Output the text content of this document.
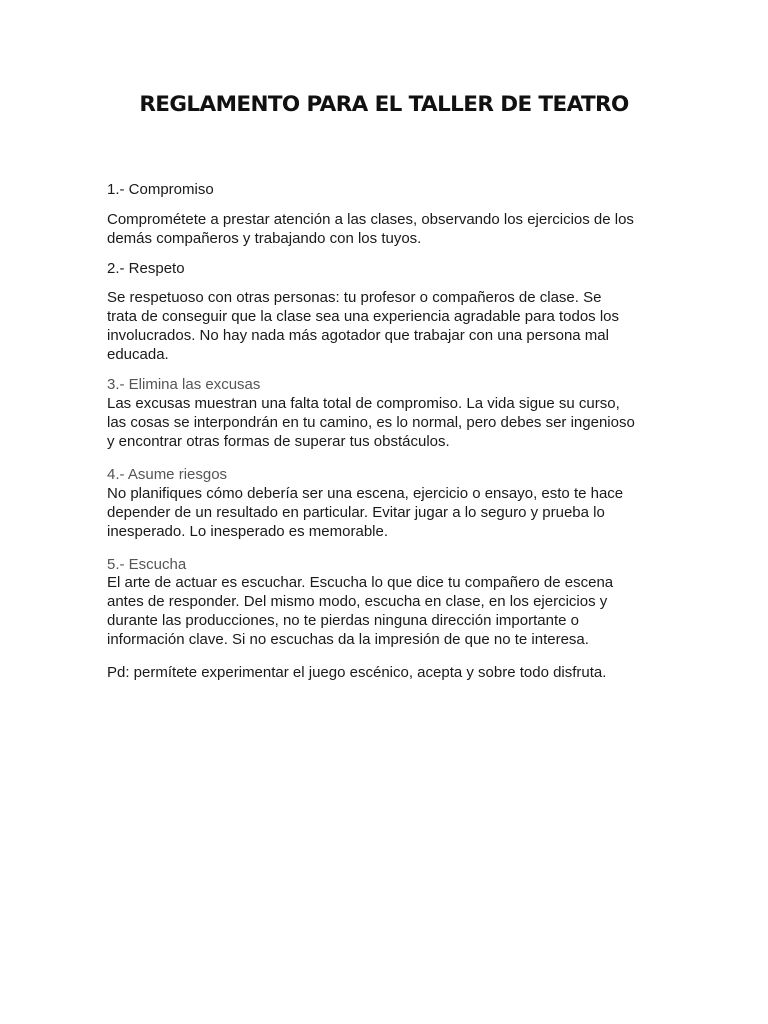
REGLAMENTO PARA EL TALLER DE TEATRO
1.- Compromiso
Comprométete a prestar atención a las clases, observando los ejercicios de los
demás compañeros y trabajando con los tuyos.
2.- Respeto
Se respetuoso con otras personas: tu profesor o compañeros de clase. Se
trata de conseguir que la clase sea una experiencia agradable para todos los
involucrados. No hay nada más agotador que trabajar con una persona mal
educada.
3.- Elimina las excusas
Las excusas muestran una falta total de compromiso. La vida sigue su curso,
las cosas se interpondrán en tu camino, es lo normal, pero debes ser ingenioso
y encontrar otras formas de superar tus obstáculos.
4.- Asume riesgos
No planifiques cómo debería ser una escena, ejercicio o ensayo, esto te hace
depender de un resultado en particular. Evitar jugar a lo seguro y prueba lo
inesperado. Lo inesperado es memorable.
5.- Escucha
El arte de actuar es escuchar. Escucha lo que dice tu compañero de escena
antes de responder. Del mismo modo, escucha en clase, en los ejercicios y
durante las producciones, no te pierdas ninguna dirección importante o
información clave. Si no escuchas da la impresión de que no te interesa.
Pd: permítete experimentar el juego escénico, acepta y sobre todo disfruta.
